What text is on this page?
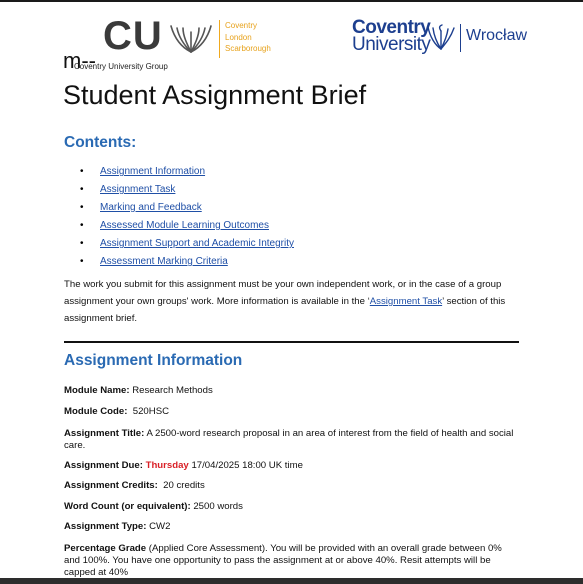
CU	Coventry
London
Scarborough
m--
Coventry University Group
Coventry
University Wrocław
Student Assignment Brief
Contents:
• Assignment Information
• Assignment Task
• Marking and Feedback
• Assessed Module Learning Outcomes
• Assignment Support and Academic Integrity
• Assessment Marking Criteria
The work you submit for this assignment must be your own independent work, or in the case of a group assignment your own groups' work. More information is available in the ‘Assignment Task’ section of this assignment brief.
Assignment Information
Module Name: Research Methods
Module Code: 520HSC
Assignment Title: A 2500-word research proposal in an area of interest from the field of health and social care.
Assignment Due: Thursday 17/04/2025 18:00 UK time
Assignment Credits: 20 credits
Word Count (or equivalent): 2500 words
Assignment Type: CW2
Percentage Grade (Applied Core Assessment). You will be provided with an overall grade between 0% and 100%. You have one opportunity to pass the assignment at or above 40%. Resit attempts will be capped at 40%
